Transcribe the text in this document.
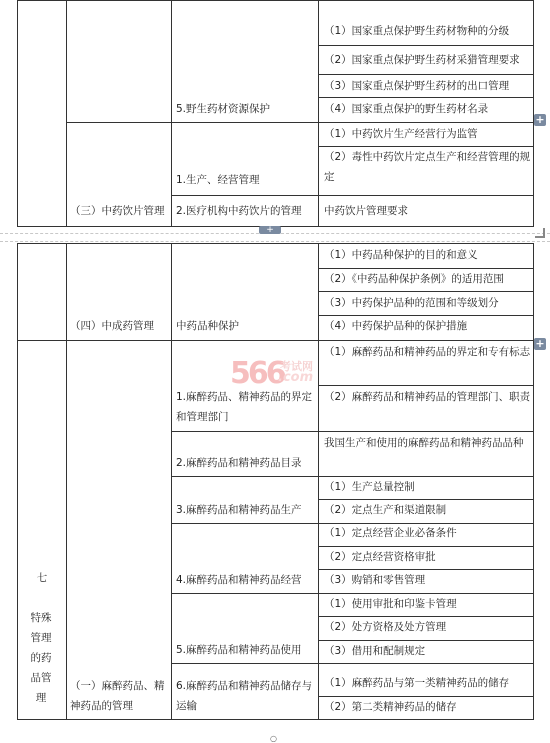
（1）国家重点保护野生药材物种的分级
（2）国家重点保护野生药材采猎管理要求
（3）国家重点保护野生药材的出口管理
（4）国家重点保护的野生药材名录
（1）中药饮片生产经营行为监管
（2）毒性中药饮片定点生产和经营管理的规定
中药饮片管理要求
5.野生药材资源保护
1.生产、经营管理
2.医疗机构中药饮片的管理
（三）中药饮片管理
+
+
七
特殊管理的药品管理
（四）中成药管理
（一）麻醉药品、精神药品的管理
中药品种保护
1.麻醉药品、精神药品的界定和管理部门
2.麻醉药品和精神药品目录
3.麻醉药品和精神药品生产
4.麻醉药品和精神药品经营
5.麻醉药品和精神药品使用
6.麻醉药品和精神药品储存与运输
（1）中药品种保护的目的和意义
（2）《中药品种保护条例》的适用范围
（3）中药保护品种的范围和等级划分
（4）中药保护品种的保护措施
（1）麻醉药品和精神药品的界定和专有标志
（2）麻醉药品和精神药品的管理部门、职责
我国生产和使用的麻醉药品和精神药品品种
（1）生产总量控制
（2）定点生产和渠道限制
（1）定点经营企业必备条件
（2）定点经营资格审批
（3）购销和零售管理
（1）使用审批和印鉴卡管理
（2）处方资格及处方管理
（3）借用和配制规定
（1）麻醉药品与第一类精神药品的储存
（2）第二类精神药品的储存
+
566
考试网
.com
○
